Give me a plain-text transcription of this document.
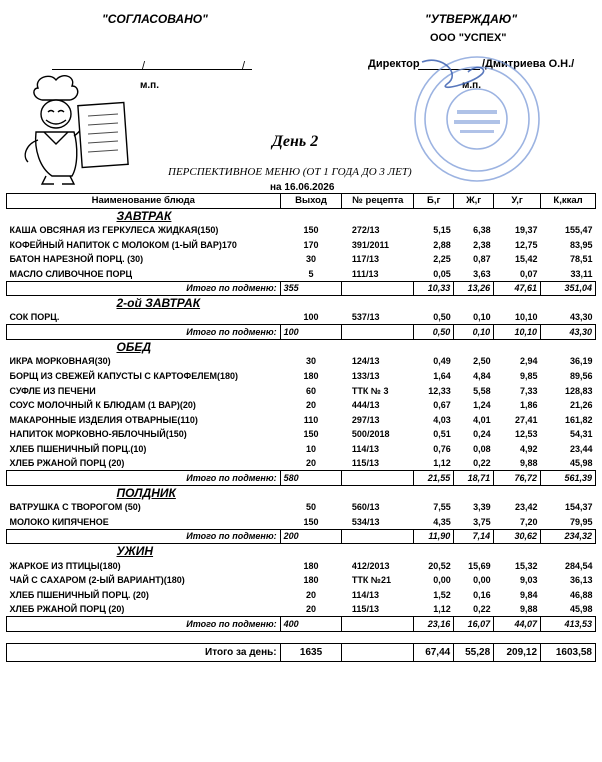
"СОГЛАСОВАНО"	"УТВЕРЖДАЮ"
ООО "УСПЕХ"
/	/
м.п.
Директор	/Дмитриева О.Н./
м.п.
День 2
ПЕРСПЕКТИВНОЕ МЕНЮ (ОТ 1 ГОДА ДО 3 ЛЕТ)
на 16.06.2026
Наименование блюда	Выход	№ рецепта	Б,г	Ж,г	У,г	К,ккал
ЗАВТРАК						
КАША ОВСЯНАЯ ИЗ ГЕРКУЛЕСА ЖИДКАЯ(150)	150	272/13	5,15	6,38	19,37	155,47
КОФЕЙНЫЙ НАПИТОК С МОЛОКОМ (1-ЫЙ ВАР)170	170	391/2011	2,88	2,38	12,75	83,95
БАТОН НАРЕЗНОЙ ПОРЦ. (30)	30	117/13	2,25	0,87	15,42	78,51
МАСЛО СЛИВОЧНОЕ ПОРЦ	5	111/13	0,05	3,63	0,07	33,11
Итого по подменю:	355		10,33	13,26	47,61	351,04
2-ой ЗАВТРАК						
СОК ПОРЦ.	100	537/13	0,50	0,10	10,10	43,30
Итого по подменю:	100		0,50	0,10	10,10	43,30
ОБЕД						
ИКРА МОРКОВНАЯ(30)	30	124/13	0,49	2,50	2,94	36,19
БОРЩ ИЗ СВЕЖЕЙ КАПУСТЫ С КАРТОФЕЛЕМ(180)	180	133/13	1,64	4,84	9,85	89,56
СУФЛЕ ИЗ ПЕЧЕНИ	60	ТТК № 3	12,33	5,58	7,33	128,83
СОУС МОЛОЧНЫЙ К БЛЮДАМ (1 ВАР)(20)	20	444/13	0,67	1,24	1,86	21,26
МАКАРОННЫЕ ИЗДЕЛИЯ ОТВАРНЫЕ(110)	110	297/13	4,03	4,01	27,41	161,82
НАПИТОК МОРКОВНО-ЯБЛОЧНЫЙ(150)	150	500/2018	0,51	0,24	12,53	54,31
ХЛЕБ ПШЕНИЧНЫЙ ПОРЦ.(10)	10	114/13	0,76	0,08	4,92	23,44
ХЛЕБ РЖАНОЙ ПОРЦ (20)	20	115/13	1,12	0,22	9,88	45,98
Итого по подменю:	580		21,55	18,71	76,72	561,39
ПОЛДНИК						
ВАТРУШКА С ТВОРОГОМ (50)	50	560/13	7,55	3,39	23,42	154,37
МОЛОКО КИПЯЧЕНОЕ	150	534/13	4,35	3,75	7,20	79,95
Итого по подменю:	200		11,90	7,14	30,62	234,32
УЖИН						
ЖАРКОЕ ИЗ ПТИЦЫ(180)	180	412/2013	20,52	15,69	15,32	284,54
ЧАЙ С САХАРОМ (2-ЫЙ ВАРИАНТ)(180)	180	ТТК №21	0,00	0,00	9,03	36,13
ХЛЕБ ПШЕНИЧНЫЙ ПОРЦ. (20)	20	114/13	1,52	0,16	9,84	46,88
ХЛЕБ РЖАНОЙ ПОРЦ (20)	20	115/13	1,12	0,22	9,88	45,98
Итого по подменю:	400		23,16	16,07	44,07	413,53

Итого за день:	1635		67,44	55,28	209,12	1603,58
